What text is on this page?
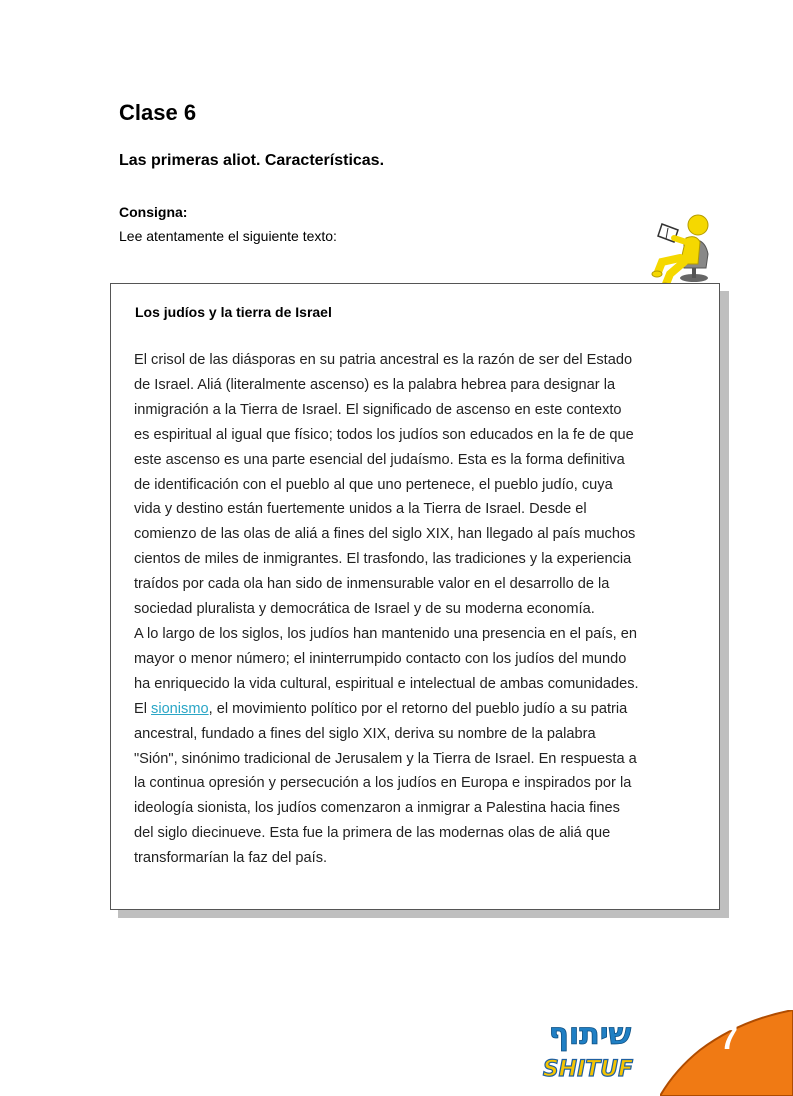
Clase 6
Las primeras aliot. Características.
Consigna:
Lee atentamente el siguiente texto:
Los judíos y la tierra de Israel
El crisol de las diásporas en su patria ancestral es la razón de ser del Estado
de Israel. Aliá (literalmente ascenso) es la palabra hebrea para designar la
inmigración a la Tierra de Israel. El significado de ascenso en este contexto
es espiritual al igual que físico; todos los judíos son educados en la fe de que
este ascenso es una parte esencial del judaísmo. Esta es la forma definitiva
de identificación con el pueblo al que uno pertenece, el pueblo judío, cuya
vida y destino están fuertemente unidos a la Tierra de Israel. Desde el
comienzo de las olas de aliá a fines del siglo XIX, han llegado al país muchos
cientos de miles de inmigrantes. El trasfondo, las tradiciones y la experiencia
traídos por cada ola han sido de inmensurable valor en el desarrollo de la
sociedad pluralista y democrática de Israel y de su moderna economía.
A lo largo de los siglos, los judíos han mantenido una presencia en el país, en
mayor o menor número; el ininterrumpido contacto con los judíos del mundo
ha enriquecido la vida cultural, espiritual e intelectual de ambas comunidades.
El sionismo, el movimiento político por el retorno del pueblo judío a su patria
ancestral, fundado a fines del siglo XIX, deriva su nombre de la palabra
"Sión", sinónimo tradicional de Jerusalem y la Tierra de Israel. En respuesta a
la continua opresión y persecución a los judíos en Europa e inspirados por la
ideología sionista, los judíos comenzaron a inmigrar a Palestina hacia fines
del siglo diecinueve. Esta fue la primera de las modernas olas de aliá que
transformarían la faz del país.
שיתוף
SHITUF
7
